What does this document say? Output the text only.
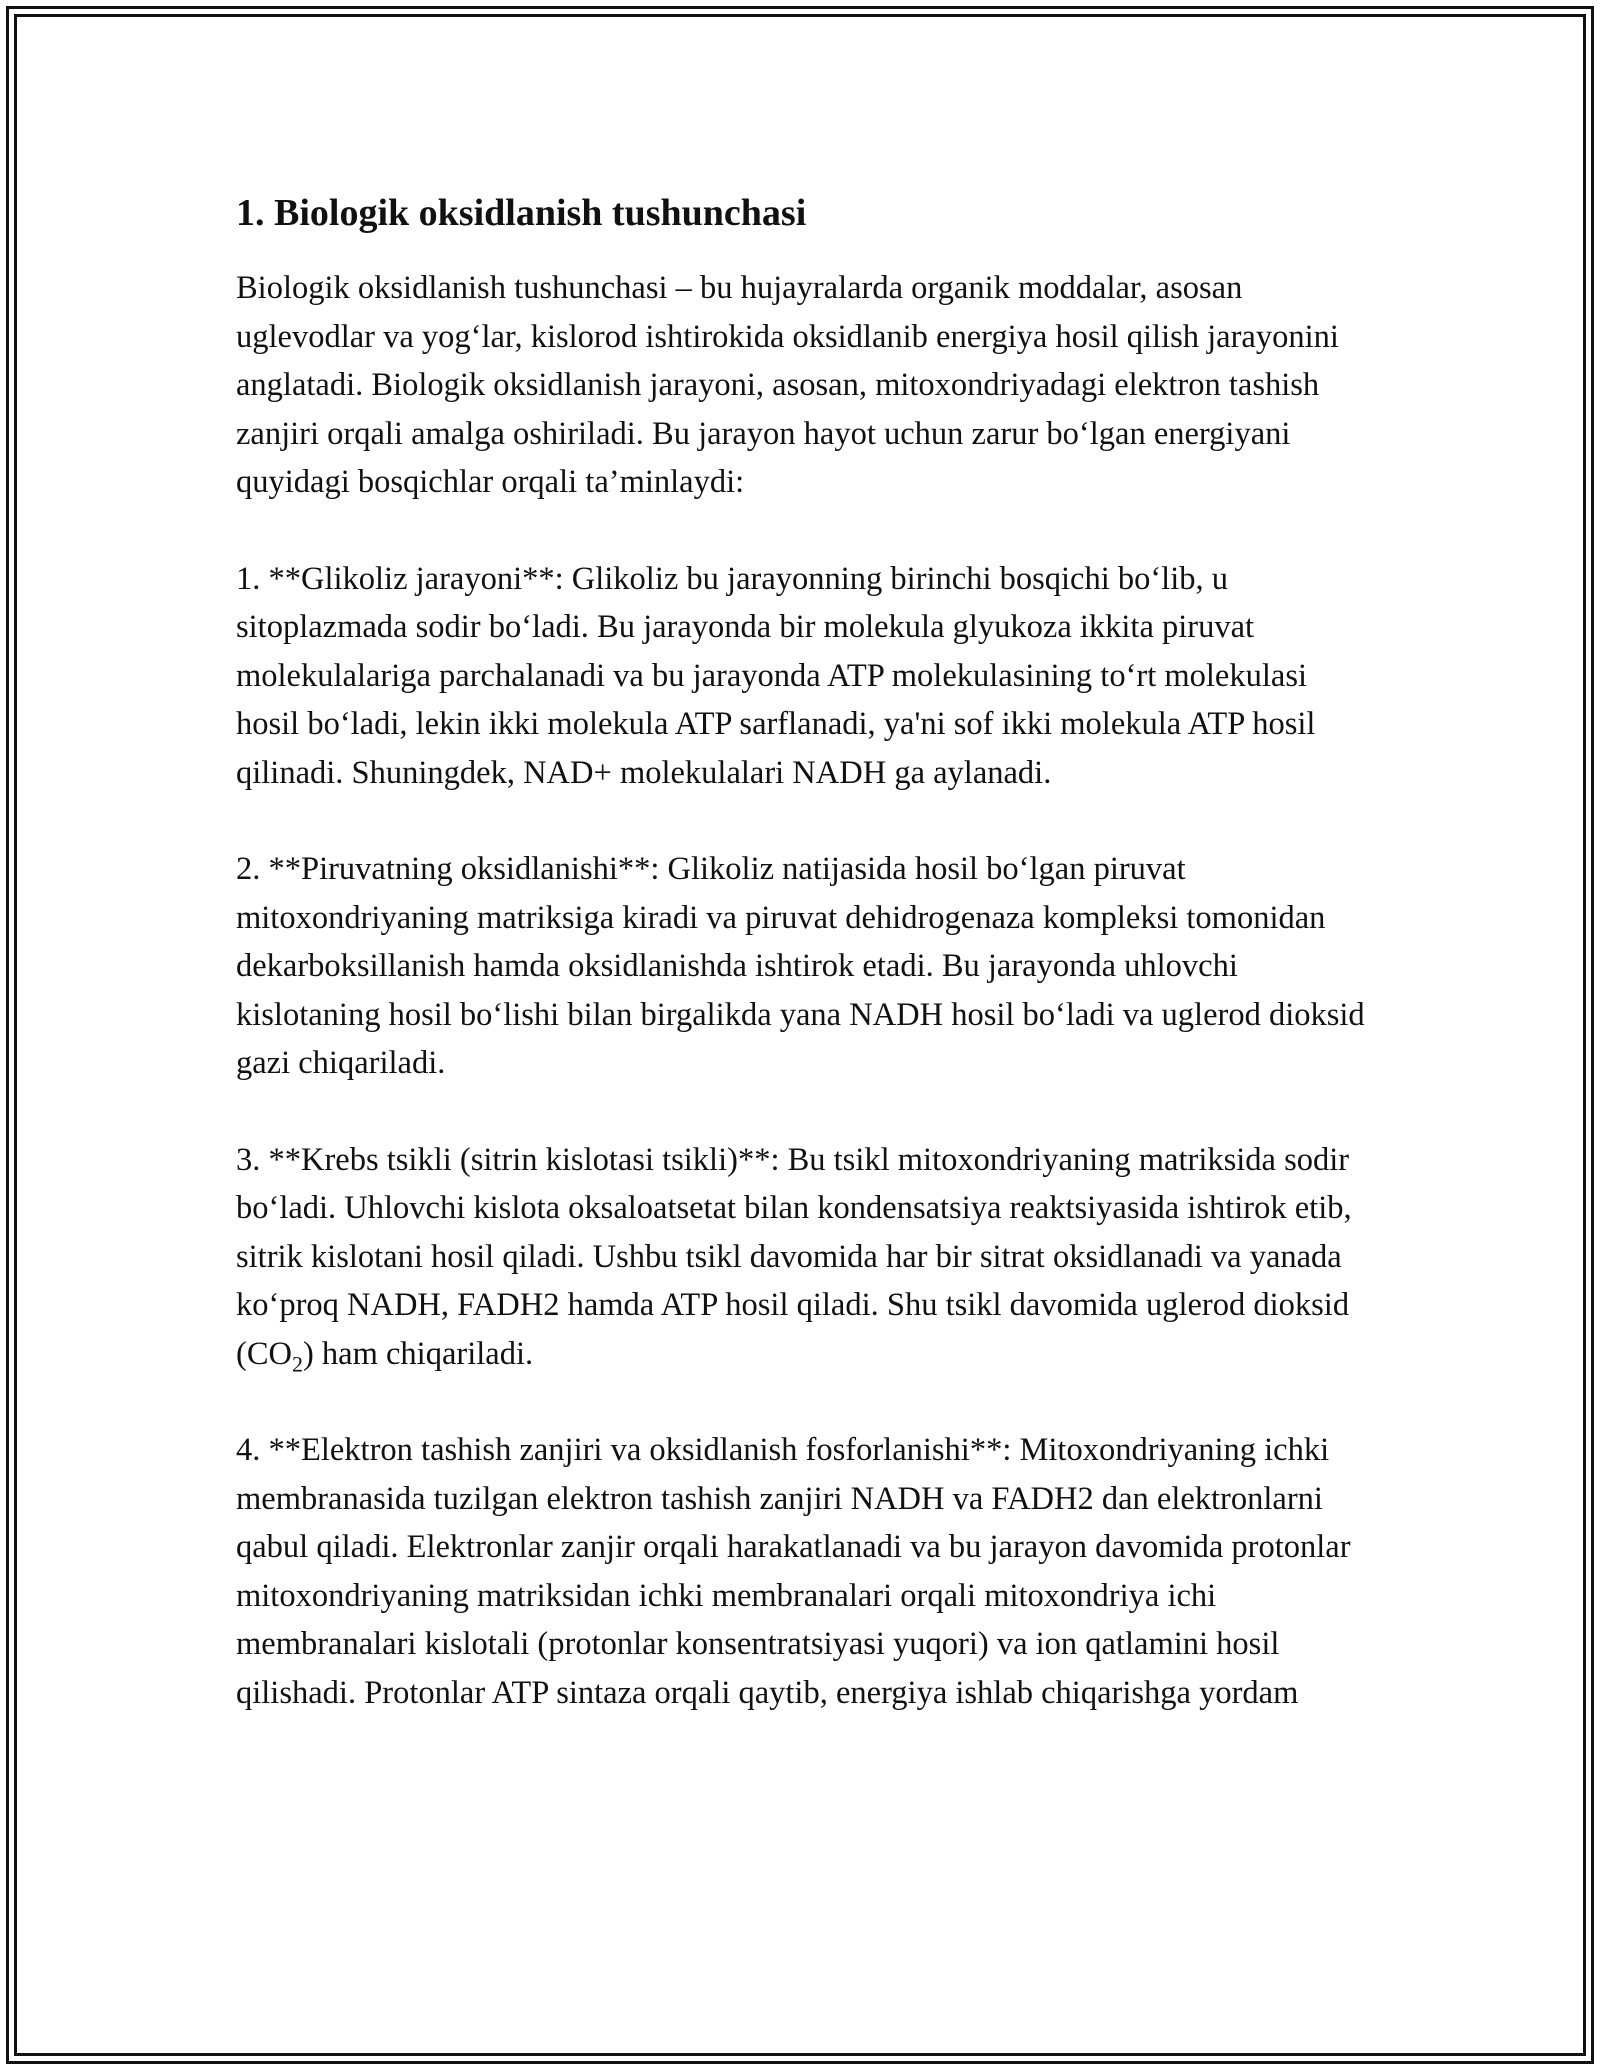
1. Biologik oksidlanish tushunchasi

Biologik oksidlanish tushunchasi – bu hujayralarda organik moddalar, asosan uglevodlar va yog‘lar, kislorod ishtirokida oksidlanib energiya hosil qilish jarayonini anglatadi. Biologik oksidlanish jarayoni, asosan, mitoxondriyadagi elektron tashish zanjiri orqali amalga oshiriladi. Bu jarayon hayot uchun zarur bo‘lgan energiyani quyidagi bosqichlar orqali ta’minlaydi:

1. **Glikoliz jarayoni**: Glikoliz bu jarayonning birinchi bosqichi bo‘lib, u sitoplazmada sodir bo‘ladi. Bu jarayonda bir molekula glyukoza ikkita piruvat molekulalariga parchalanadi va bu jarayonda ATP molekulasining to‘rt molekulasi hosil bo‘ladi, lekin ikki molekula ATP sarflanadi, ya'ni sof ikki molekula ATP hosil qilinadi. Shuningdek, NAD+ molekulalari NADH ga aylanadi.

2. **Piruvatning oksidlanishi**: Glikoliz natijasida hosil bo‘lgan piruvat mitoxondriyaning matriksiga kiradi va piruvat dehidrogenaza kompleksi tomonidan dekarboksillanish hamda oksidlanishda ishtirok etadi. Bu jarayonda uhlovchi kislotaning hosil bo‘lishi bilan birgalikda yana NADH hosil bo‘ladi va uglerod dioksid gazi chiqariladi.

3. **Krebs tsikli (sitrin kislotasi tsikli)**: Bu tsikl mitoxondriyaning matriksida sodir bo‘ladi. Uhlovchi kislota oksaloatsetat bilan kondensatsiya reaktsiyasida ishtirok etib, sitrik kislotani hosil qiladi. Ushbu tsikl davomida har bir sitrat oksidlanadi va yanada ko‘proq NADH, FADH2 hamda ATP hosil qiladi. Shu tsikl davomida uglerod dioksid $(CO_2)$ ham chiqariladi.

4. **Elektron tashish zanjiri va oksidlanish fosforlanishi**: Mitoxondriyaning ichki membranasida tuzilgan elektron tashish zanjiri NADH va FADH2 dan elektronlarni qabul qiladi. Elektronlar zanjir orqali harakatlanadi va bu jarayon davomida protonlar mitoxondriyaning matriksidan ichki membranalari orqali mitoxondriya ichi membranalari kislotali (protonlar konsentratsiyasi yuqori) va ion qatlamini hosil qilishadi. Protonlar ATP sintaza orqali qaytib, energiya ishlab chiqarishga yordam
